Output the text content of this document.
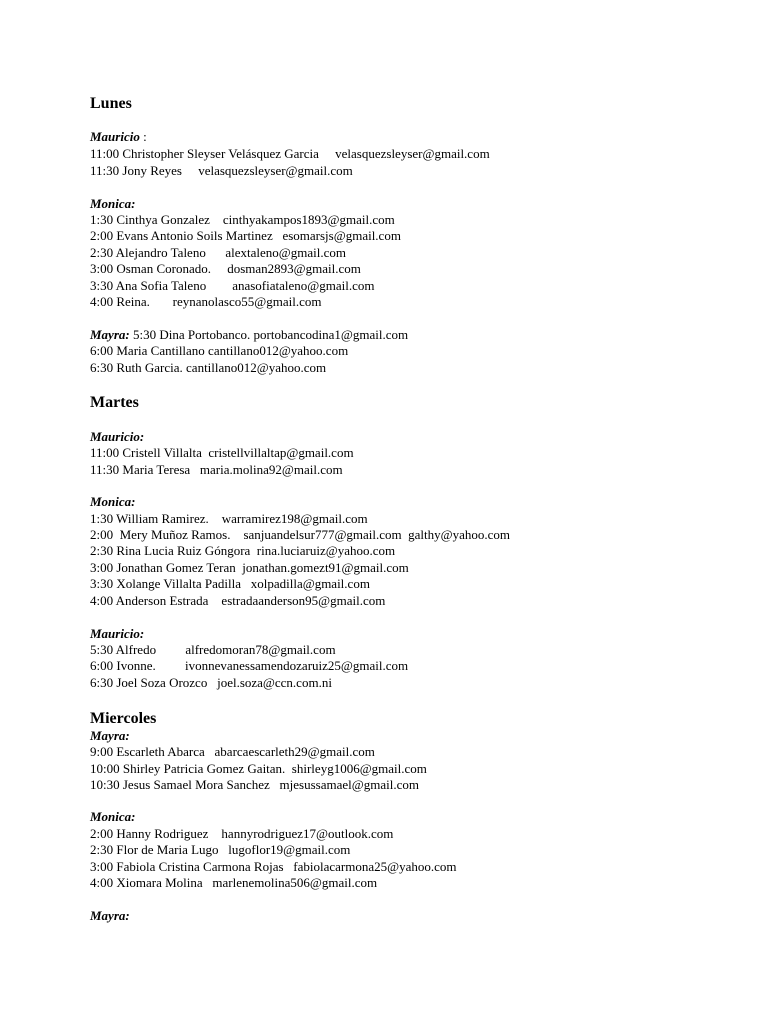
Lunes
Mauricio :
11:00 Christopher Sleyser Velásquez Garcia     velasquezsleyser@gmail.com
11:30 Jony Reyes     velasquezsleyser@gmail.com
Monica:
1:30 Cinthya Gonzalez    cinthyakampos1893@gmail.com
2:00 Evans Antonio Soils Martinez   esomarsjs@gmail.com
2:30 Alejandro Taleno      alextaleno@gmail.com
3:00 Osman Coronado.     dosman2893@gmail.com
3:30 Ana Sofia Taleno        anasofiataleno@gmail.com
4:00 Reina.       reynanolasco55@gmail.com
Mayra: 5:30 Dina Portobanco. portobancodina1@gmail.com
6:00 Maria Cantillano cantillano012@yahoo.com
6:30 Ruth Garcia. cantillano012@yahoo.com
Martes
Mauricio:
11:00 Cristell Villalta  cristellvillaltap@gmail.com
11:30 Maria Teresa   maria.molina92@mail.com
Monica:
1:30 William Ramirez.    warramirez198@gmail.com
2:00  Mery Muñoz Ramos.    sanjuandelsur777@gmail.com  galthy@yahoo.com
2:30 Rina Lucia Ruiz Góngora  rina.luciaruiz@yahoo.com
3:00 Jonathan Gomez Teran  jonathan.gomezt91@gmail.com
3:30 Xolange Villalta Padilla   xolpadilla@gmail.com
4:00 Anderson Estrada    estradaanderson95@gmail.com
Mauricio:
5:30 Alfredo         alfredomoran78@gmail.com
6:00 Ivonne.         ivonnevanessamendozaruiz25@gmail.com
6:30 Joel Soza Orozco   joel.soza@ccn.com.ni
Miercoles
Mayra:
9:00 Escarleth Abarca   abarcaescarleth29@gmail.com
10:00 Shirley Patricia Gomez Gaitan.  shirleyg1006@gmail.com
10:30 Jesus Samael Mora Sanchez   mjesussamael@gmail.com
Monica:
2:00 Hanny Rodriguez    hannyrodriguez17@outlook.com
2:30 Flor de Maria Lugo   lugoflor19@gmail.com
3:00 Fabiola Cristina Carmona Rojas   fabiolacarmona25@yahoo.com
4:00 Xiomara Molina   marlenemolina506@gmail.com
Mayra:
